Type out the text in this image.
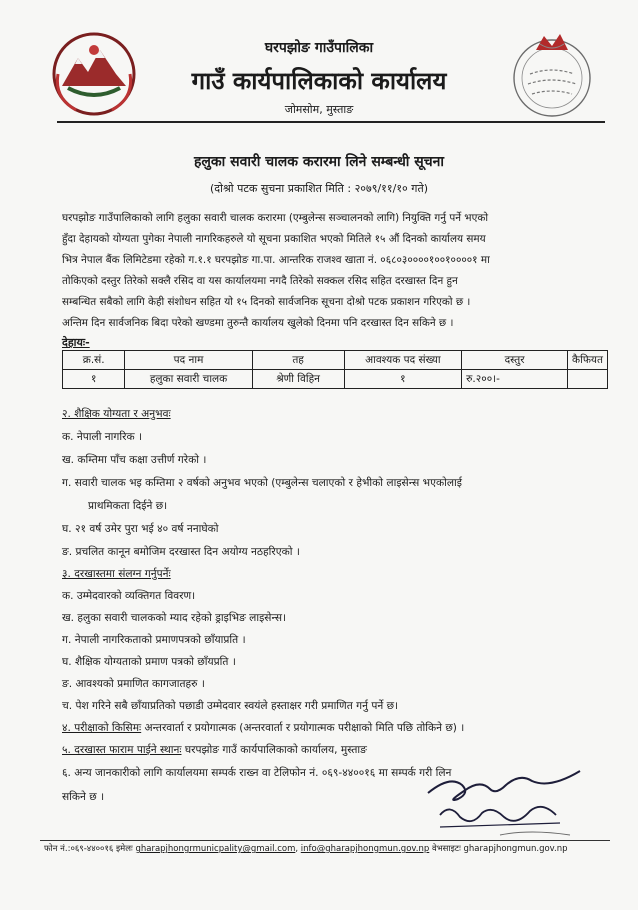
घरपझोङ गाउँपालिका
गाउँ कार्यपालिकाको कार्यालय
जोमसोम, मुस्ताङ
हलुका सवारी चालक करारमा लिने सम्बन्धी सूचना
(दोश्रो पटक सुचना प्रकाशित मिति : २०७९/११/१० गते)
घरपझोङ गाउँपालिकाको लागि हलुका सवारी चालक करारमा (एम्बुलेन्स सञ्चालनको लागि) नियुक्ति गर्नु पर्ने भएको
हुँदा देहायको योग्यता पुगेका नेपाली नागरिकहरुले यो सूचना प्रकाशित भएको मितिले १५ औं दिनको कार्यालय समय
भित्र नेपाल बैंक लिमिटेडमा रहेको ग.१.१ घरपझोङ गा.पा. आन्तरिक राजश्व खाता नं. ०६८०३००००१००१००००१ मा
तोकिएको दस्तुर तिरेको सक्लै रसिद वा यस कार्यालयमा नगदै तिरेको सक्कल रसिद सहित दरखास्त दिन हुन
सम्बन्धित सबैको लागि केही संशोधन सहित यो १५ दिनको सार्वजनिक सूचना दोश्रो पटक प्रकाशन गरिएको छ ।
अन्तिम दिन सार्वजनिक बिदा परेको खण्डमा तुरुन्तै कार्यालय खुलेको दिनमा पनि दरखास्त दिन सकिने छ ।
देहायः-
क्र.सं.	पद नाम	तह	आवश्यक पद संख्या	दस्तुर	कैफियत
१	हलुका सवारी चालक	श्रेणी विहिन	१	रु.२००।-	
२. शैक्षिक योग्यता र अनुभवः
क. नेपाली नागरिक ।
ख. कम्तिमा पाँच कक्षा उत्तीर्ण गरेको ।
ग. सवारी चालक भइ कम्तिमा २ वर्षको अनुभव भएको (एम्बुलेन्स चलाएको र हेभीको लाइसेन्स भएकोलाई
प्राथमिकता दिईने छ।
घ. २१ वर्ष उमेर पुरा भई ४० वर्ष ननाघेको
ङ. प्रचलित कानून बमोजिम दरखास्त दिन अयोग्य नठहरिएको ।
३. दरखास्तमा संलग्न गर्नुपर्नेः
क. उम्मेदवारको व्यक्तिगत विवरण।
ख. हलुका सवारी चालकको म्याद रहेको ड्राइभिङ लाइसेन्स।
ग. नेपाली नागरिकताको प्रमाणपत्रको छाँयाप्रति ।
घ. शैक्षिक योग्यताको प्रमाण पत्रको छाँयप्रति ।
ङ. आवश्यको प्रमाणित कागजातहरु ।
च. पेश गरिने सबै छाँयाप्रतिको पछाडी उम्मेदवार स्वयंले हस्ताक्षर गरी प्रमाणित गर्नु पर्ने छ।
४. परीक्षाको किसिमः अन्तरवार्ता र प्रयोगात्मक (अन्तरवार्ता र प्रयोगात्मक परीक्षाको मिति पछि तोकिने छ) ।
५. दरखास्त फाराम पाईने स्थानः घरपझोङ गाउँ कार्यपालिकाको कार्यालय, मुस्ताङ
६. अन्य जानकारीको लागि कार्यालयमा सम्पर्क राख्न वा टेलिफोन नं. ०६९-४४००१६ मा सम्पर्क गरी लिन
सकिने छ ।
फोन नं.:०६९-४४००१६ इमेलः gharapjhongrmunicpality@gmail.com, info@gharapjhongmun.gov.np वेभसाइटः gharapjhongmun.gov.np
